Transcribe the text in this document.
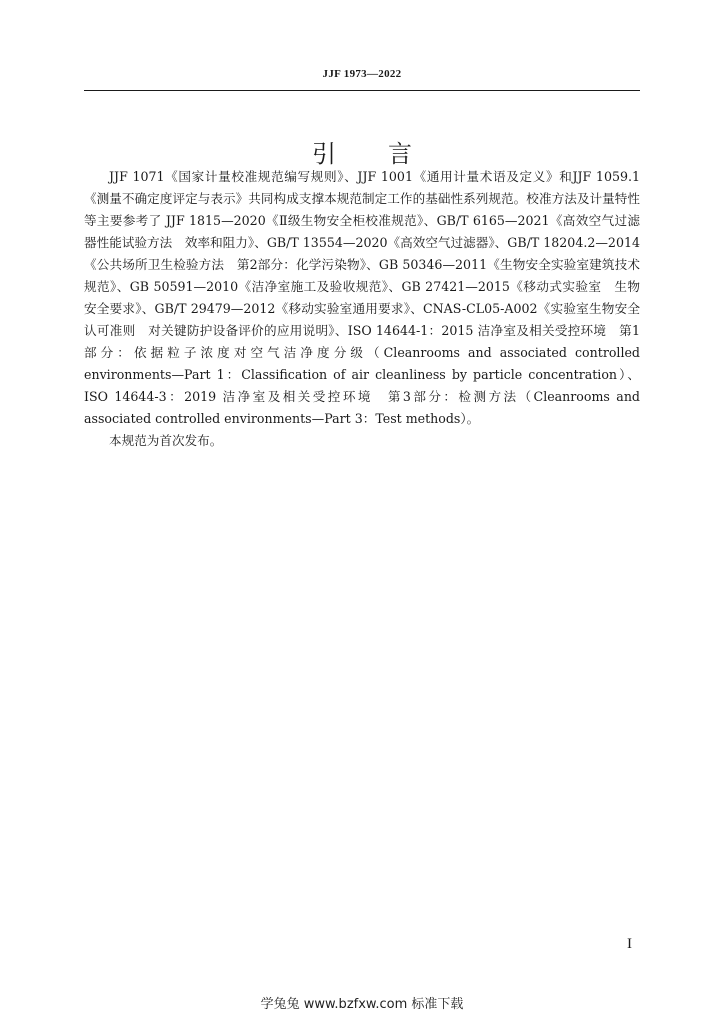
JJF 1973—2022
引言

JJF 1071《国家计量校准规范编写规则》、JJF 1001《通用计量术语及定义》和JJF 1059.1《测量不确定度评定与表示》共同构成支撑本规范制定工作的基础性系列规范。校准方法及计量特性等主要参考了 JJF 1815—2020《Ⅱ级生物安全柜校准规范》、GB/T 6165—2021《高效空气过滤器性能试验方法　效率和阻力》、GB/T 13554—2020《高效空气过滤器》、GB/T 18204.2—2014《公共场所卫生检验方法　第2部分：化学污染物》、GB 50346—2011《生物安全实验室建筑技术规范》、GB 50591—2010《洁净室施工及验收规范》、GB 27421—2015《移动式实验室　生物安全要求》、GB/T 29479—2012《移动实验室通用要求》、CNAS-CL05-A002《实验室生物安全认可准则　对关键防护设备评价的应用说明》、ISO 14644-1：2015 洁净室及相关受控环境　第1部分：依据粒子浓度对空气洁净度分级（Cleanrooms and associated controlled environments—Part 1：Classification of air cleanliness by particle concentration）、ISO 14644-3：2019 洁净室及相关受控环境　第3部分：检测方法（Cleanrooms and associated controlled environments—Part 3：Test methods）。

本规范为首次发布。

I
学兔兔 www.bzfxw.com 标准下载
